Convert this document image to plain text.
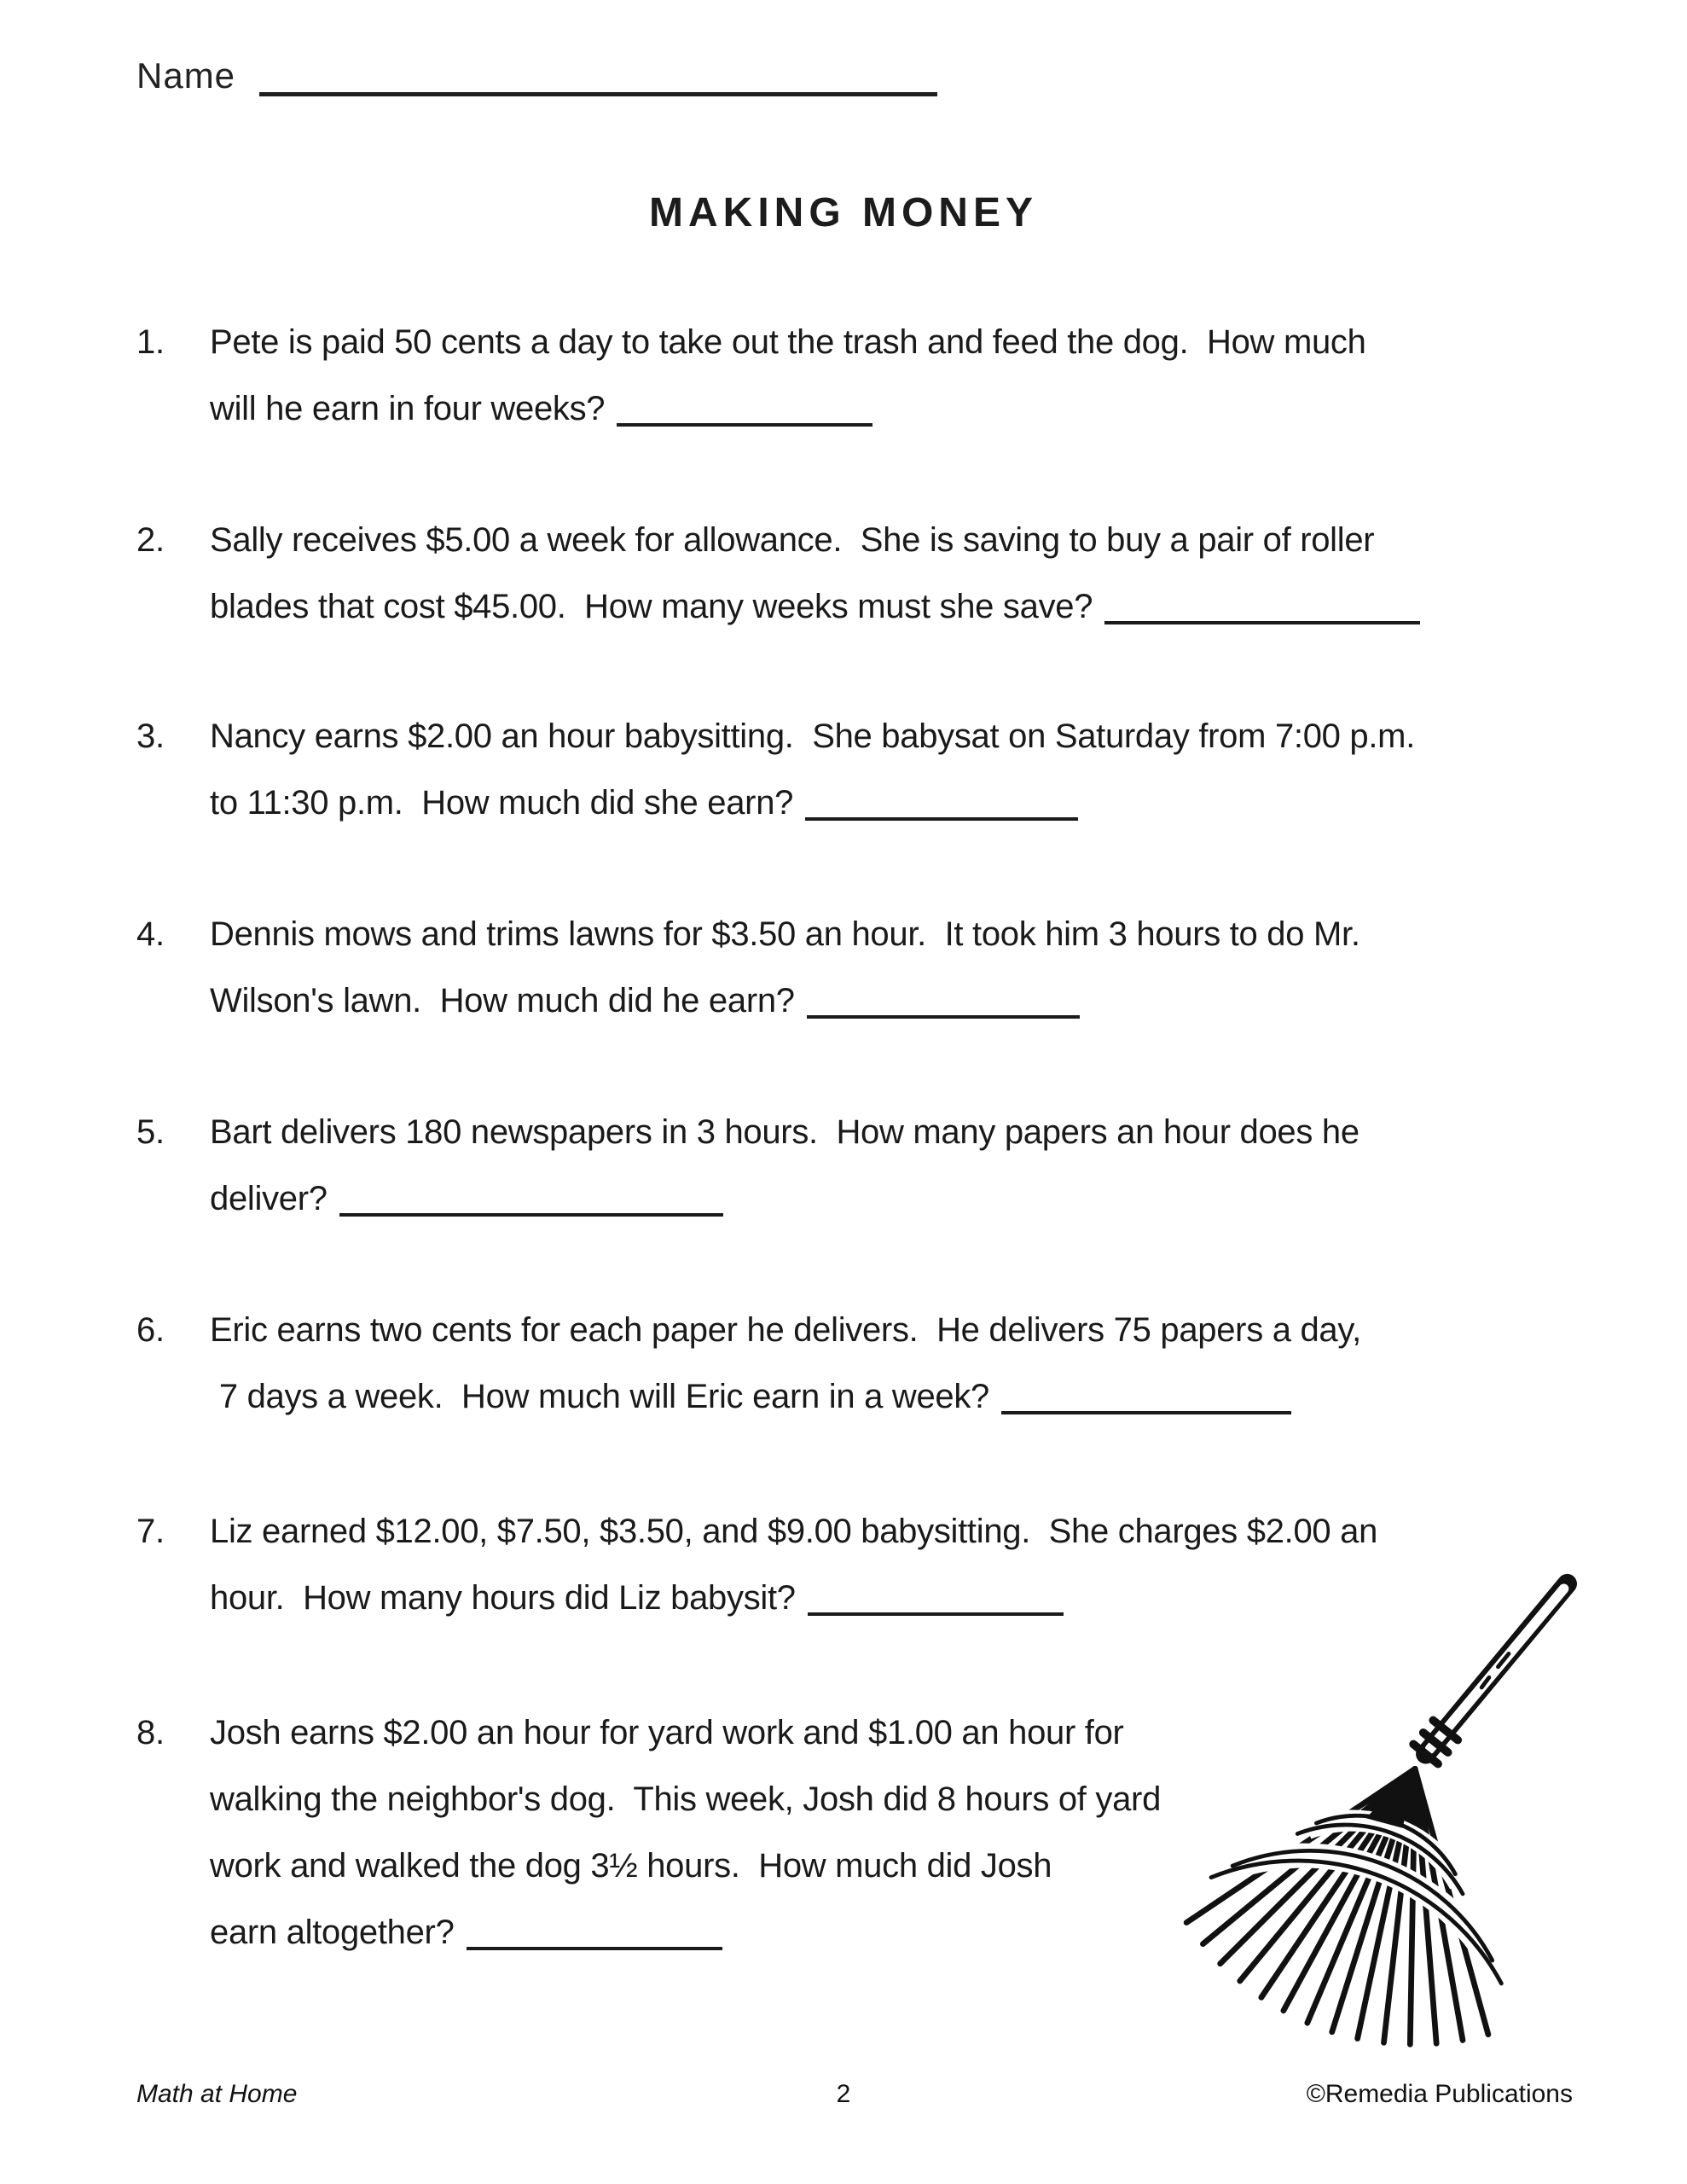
Name
MAKING MONEY
1.	Pete is paid 50 cents a day to take out the trash and feed the dog.  How much
will he earn in four weeks?
2.	Sally receives $5.00 a week for allowance.  She is saving to buy a pair of roller
blades that cost $45.00.  How many weeks must she save?
3.	Nancy earns $2.00 an hour babysitting.  She babysat on Saturday from 7:00 p.m.
to 11:30 p.m.  How much did she earn?
4.	Dennis mows and trims lawns for $3.50 an hour.  It took him 3 hours to do Mr.
Wilson's lawn.  How much did he earn?
5.	Bart delivers 180 newspapers in 3 hours.  How many papers an hour does he
deliver?
6.	Eric earns two cents for each paper he delivers.  He delivers 75 papers a day,
7 days a week.  How much will Eric earn in a week?
7.	Liz earned $12.00, $7.50, $3.50, and $9.00 babysitting.  She charges $2.00 an
hour.  How many hours did Liz babysit?
8.	Josh earns $2.00 an hour for yard work and $1.00 an hour for
walking the neighbor's dog.  This week, Josh did 8 hours of yard
work and walked the dog 3½ hours.  How much did Josh
earn altogether?
Math at Home	2	©Remedia Publications
